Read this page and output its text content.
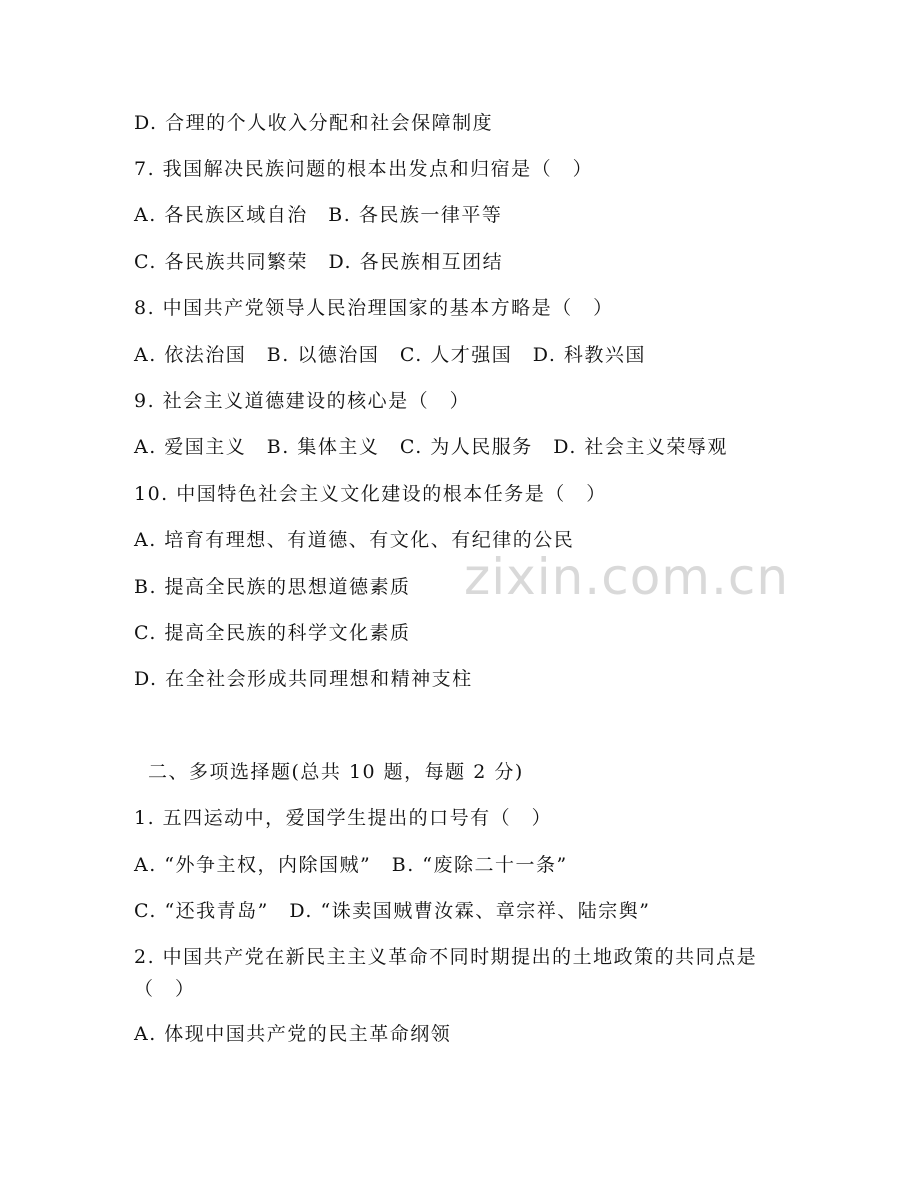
zixin.com.cn
D. 合理的个人收入分配和社会保障制度
7. 我国解决民族问题的根本出发点和归宿是（　）
A. 各民族区域自治　B. 各民族一律平等
C. 各民族共同繁荣　D. 各民族相互团结
8. 中国共产党领导人民治理国家的基本方略是（　）
A. 依法治国　B. 以德治国　C. 人才强国　D. 科教兴国
9. 社会主义道德建设的核心是（　）
A. 爱国主义　B. 集体主义　C. 为人民服务　D. 社会主义荣辱观
10. 中国特色社会主义文化建设的根本任务是（　）
A. 培育有理想、有道德、有文化、有纪律的公民
B. 提高全民族的思想道德素质
C. 提高全民族的科学文化素质
D. 在全社会形成共同理想和精神支柱
二、多项选择题(总共 10 题，每题 2 分)
1. 五四运动中，爱国学生提出的口号有（　）
A. “外争主权，内除国贼”　B. “废除二十一条”
C. “还我青岛”　D. “诛卖国贼曹汝霖、章宗祥、陆宗舆”
2. 中国共产党在新民主主义革命不同时期提出的土地政策的共同点是（　）
A. 体现中国共产党的民主革命纲领
